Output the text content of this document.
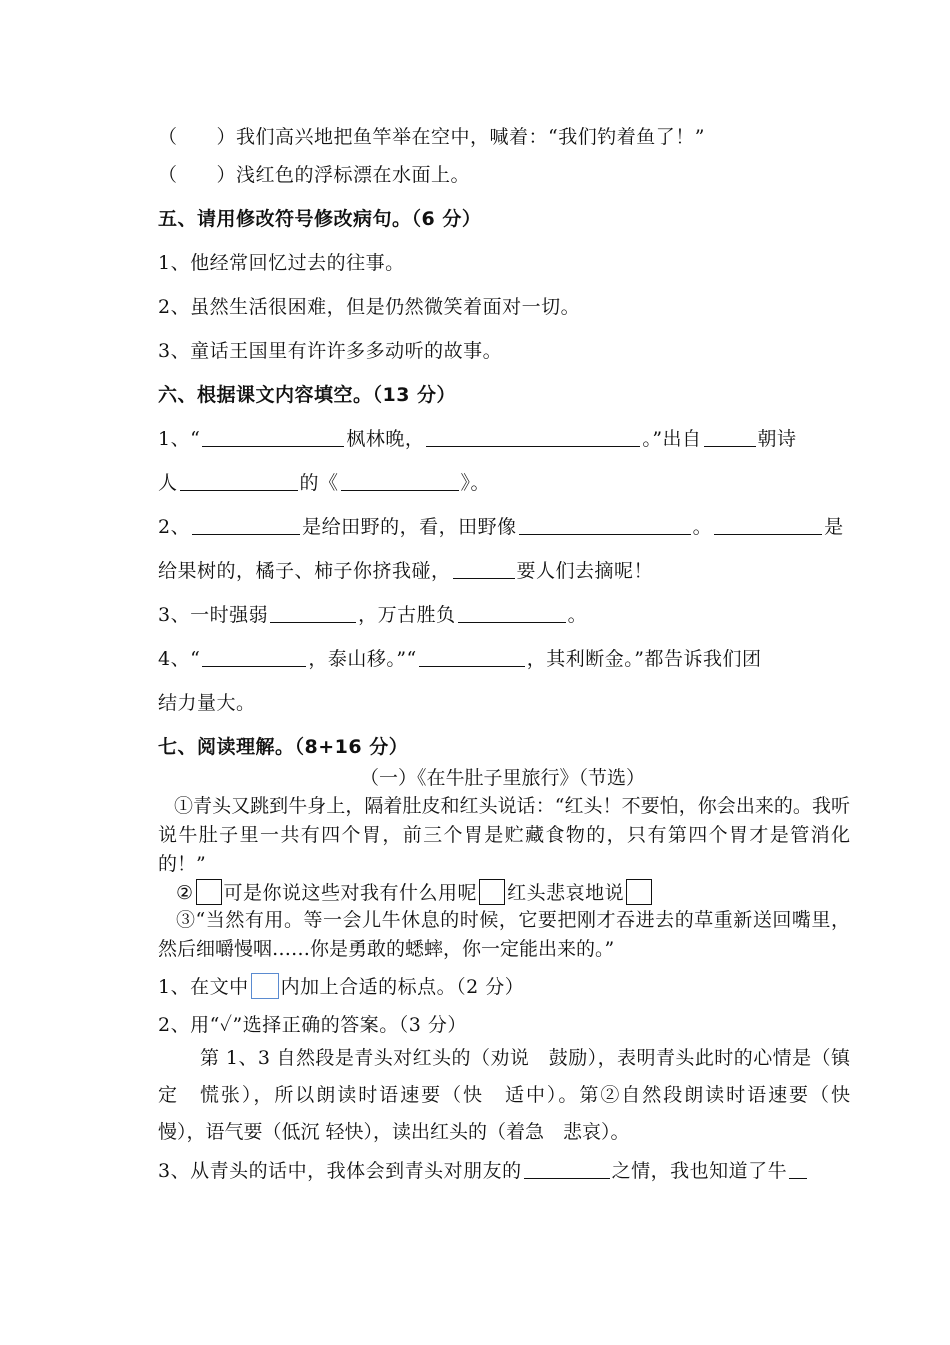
（　　）我们高兴地把鱼竿举在空中，喊着：“我们钓着鱼了！”
（　　）浅红色的浮标漂在水面上。
五、请用修改符号修改病句。（6 分）
1、他经常回忆过去的往事。
2、虽然生活很困难，但是仍然微笑着面对一切。
3、童话王国里有许许多多动听的故事。
六、根据课文内容填空。（13 分）
1、“	枫林晚，	。”出自	朝诗
人	的《	》。
2、	是给田野的，看，田野像	。	是
给果树的，橘子、柿子你挤我碰，	要人们去摘呢！
3、一时强弱	，万古胜负	。
4、“	，泰山移。”“	，其利断金。”都告诉我们团
结力量大。
七、阅读理解。（8+16 分）
（一）《在牛肚子里旅行》（节选）
①青头又跳到牛身上，隔着肚皮和红头说话：“红头！不要怕，你会出来的。我听说牛肚子里一共有四个胃，前三个胃是贮藏食物的，只有第四个胃才是管消化的！”
② 可是你说这些对我有什么用呢 红头悲哀地说
③“当然有用。等一会儿牛休息的时候，它要把刚才吞进去的草重新送回嘴里，然后细嚼慢咽……你是勇敢的蟋蟀，你一定能出来的。”
1、在文中 内加上合适的标点。（2 分）
2、用“✓”选择正确的答案。（3 分）
第 1、3 自然段是青头对红头的（劝说　鼓励），表明青头此时的心情是（镇定　慌张），所以朗读时语速要（快　适中）。第②自然段朗读时语速要（快　慢），语气要（低沉 轻快），读出红头的（着急　悲哀）。
3、从青头的话中，我体会到青头对朋友的	之情，我也知道了牛
